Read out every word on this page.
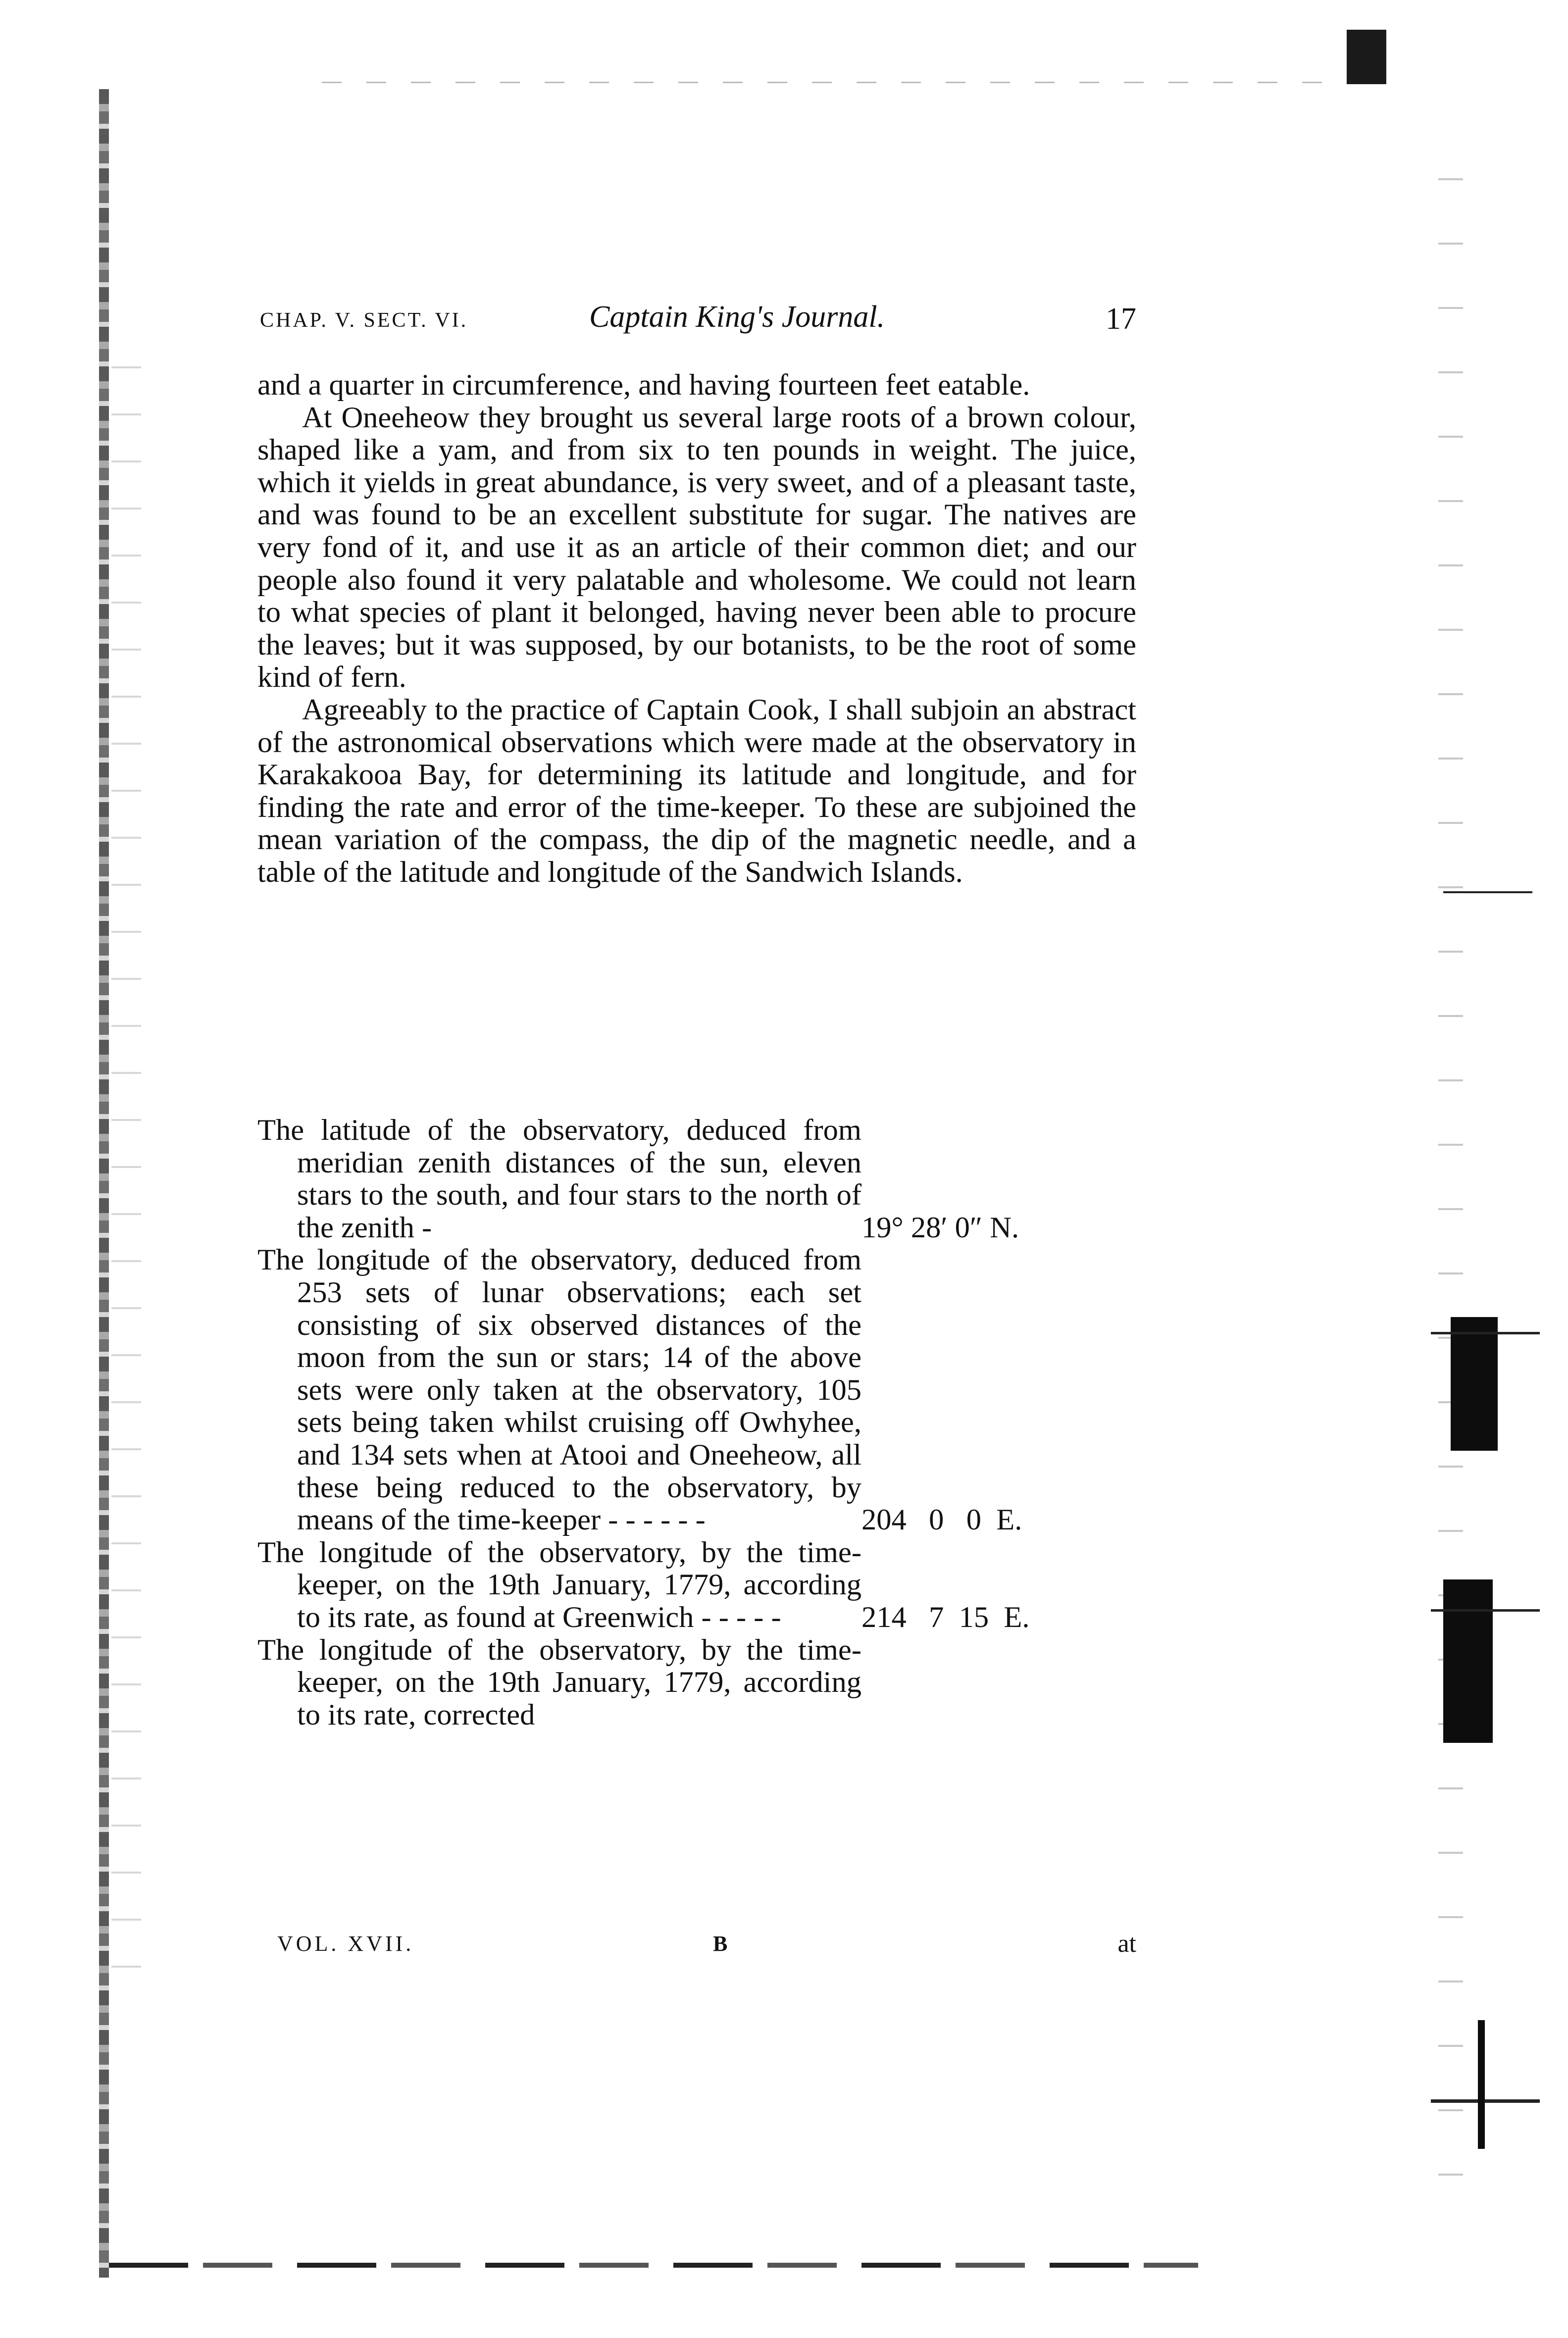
CHAP. V. SECT. VI.	Captain King's Journal.	17

and a quarter in circumference, and having fourteen feet eatable.

At Oneeheow they brought us several large roots of a brown colour, shaped like a yam, and from six to ten pounds in weight. The juice, which it yields in great abundance, is very sweet, and of a pleasant taste, and was found to be an excellent substitute for sugar. The natives are very fond of it, and use it as an article of their common diet; and our people also found it very palatable and wholesome. We could not learn to what species of plant it belonged, having never been able to procure the leaves; but it was supposed, by our botanists, to be the root of some kind of fern.

Agreeably to the practice of Captain Cook, I shall subjoin an abstract of the astronomical observations which were made at the observatory in Karakakooa Bay, for determining its latitude and longitude, and for finding the rate and error of the time-keeper. To these are subjoined the mean variation of the compass, the dip of the magnetic needle, and a table of the latitude and longitude of the Sandwich Islands.

The latitude of the observatory, deduced from meridian zenith distances of the sun, eleven stars to the south, and four stars to the north of the zenith -	19° 28′ 0″ N.
The longitude of the observatory, deduced from 253 sets of lunar observations; each set consisting of six observed distances of the moon from the sun or stars; 14 of the above sets were only taken at the observatory, 105 sets being taken whilst cruising off Owhyhee, and 134 sets when at Atooi and Oneeheow, all these being reduced to the observatory, by means of the time-keeper - - - - - -	204   0   0  E.
The longitude of the observatory, by the time-keeper, on the 19th January, 1779, according to its rate, as found at Greenwich - - - - -	214   7  15  E.
The longitude of the observatory, by the time-keeper, on the 19th January, 1779, according to its rate, corrected
VOL. XVII.	B	at
